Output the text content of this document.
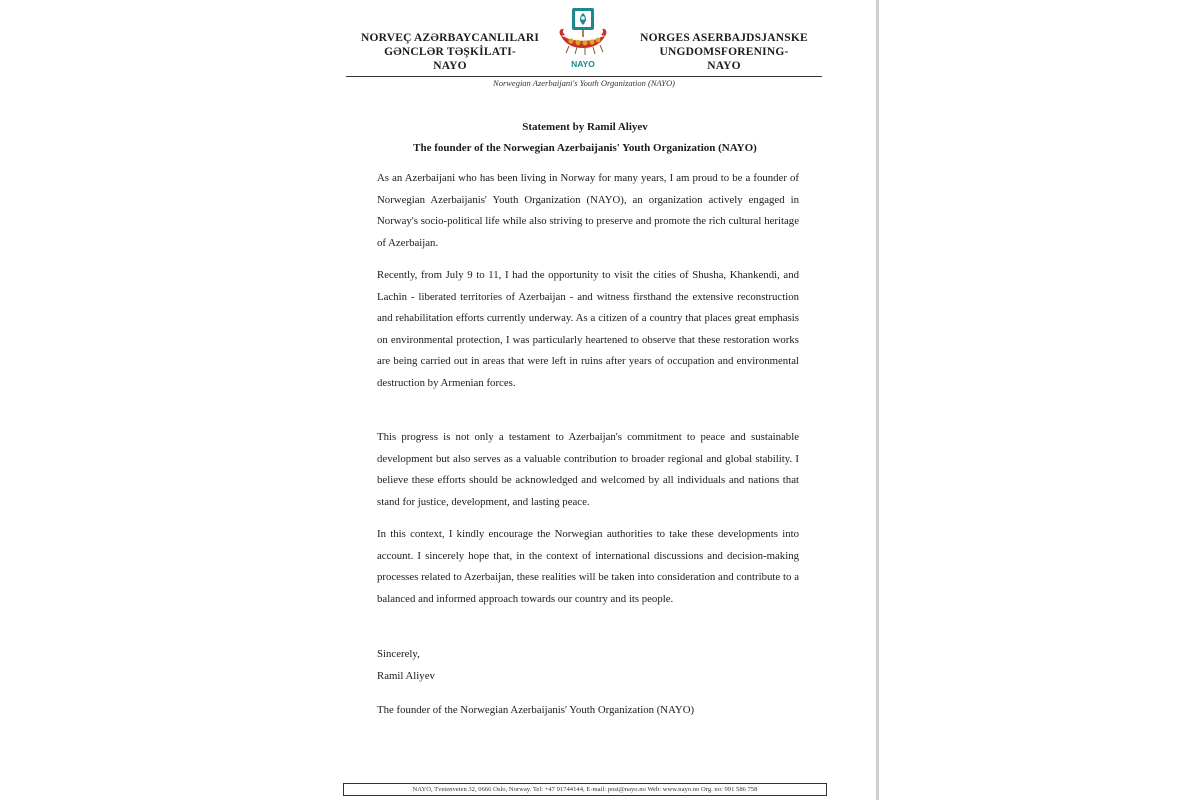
NORVEÇ AZƏRBAYCANLILARI
GƏNCLƏR TƏŞKİLATI-
NAYO	NAYO
NORGES ASERBAJDSJANSKE
UNGDOMSFORENING-
NAYO
Norwegian Azerbaijani's Youth Organization (NAYO)
Statement by Ramil Aliyev
The founder of the Norwegian Azerbaijanis' Youth Organization (NAYO)
As an Azerbaijani who has been living in Norway for many years, I am proud to be a founder of Norwegian Azerbaijanis' Youth Organization (NAYO), an organization actively engaged in Norway's socio-political life while also striving to preserve and promote the rich cultural heritage of Azerbaijan.
Recently, from July 9 to 11, I had the opportunity to visit the cities of Shusha, Khankendi, and Lachin - liberated territories of Azerbaijan - and witness firsthand the extensive reconstruction and rehabilitation efforts currently underway. As a citizen of a country that places great emphasis on environmental protection, I was particularly heartened to observe that these restoration works are being carried out in areas that were left in ruins after years of occupation and environmental destruction by Armenian forces.
This progress is not only a testament to Azerbaijan's commitment to peace and sustainable development but also serves as a valuable contribution to broader regional and global stability. I believe these efforts should be acknowledged and welcomed by all individuals and nations that stand for justice, development, and lasting peace.
In this context, I kindly encourage the Norwegian authorities to take these developments into account. I sincerely hope that, in the context of international discussions and decision-making processes related to Azerbaijan, these realities will be taken into consideration and contribute to a balanced and informed approach towards our country and its people.
Sincerely,
Ramil Aliyev
The founder of the Norwegian Azerbaijanis' Youth Organization (NAYO)
NAYO, Tvetenveien 32, 0666 Oslo, Norway. Tel: +47 91744144, E-mail: post@nayo.no Web: www.nayo.no Org. no: 991 586 758
